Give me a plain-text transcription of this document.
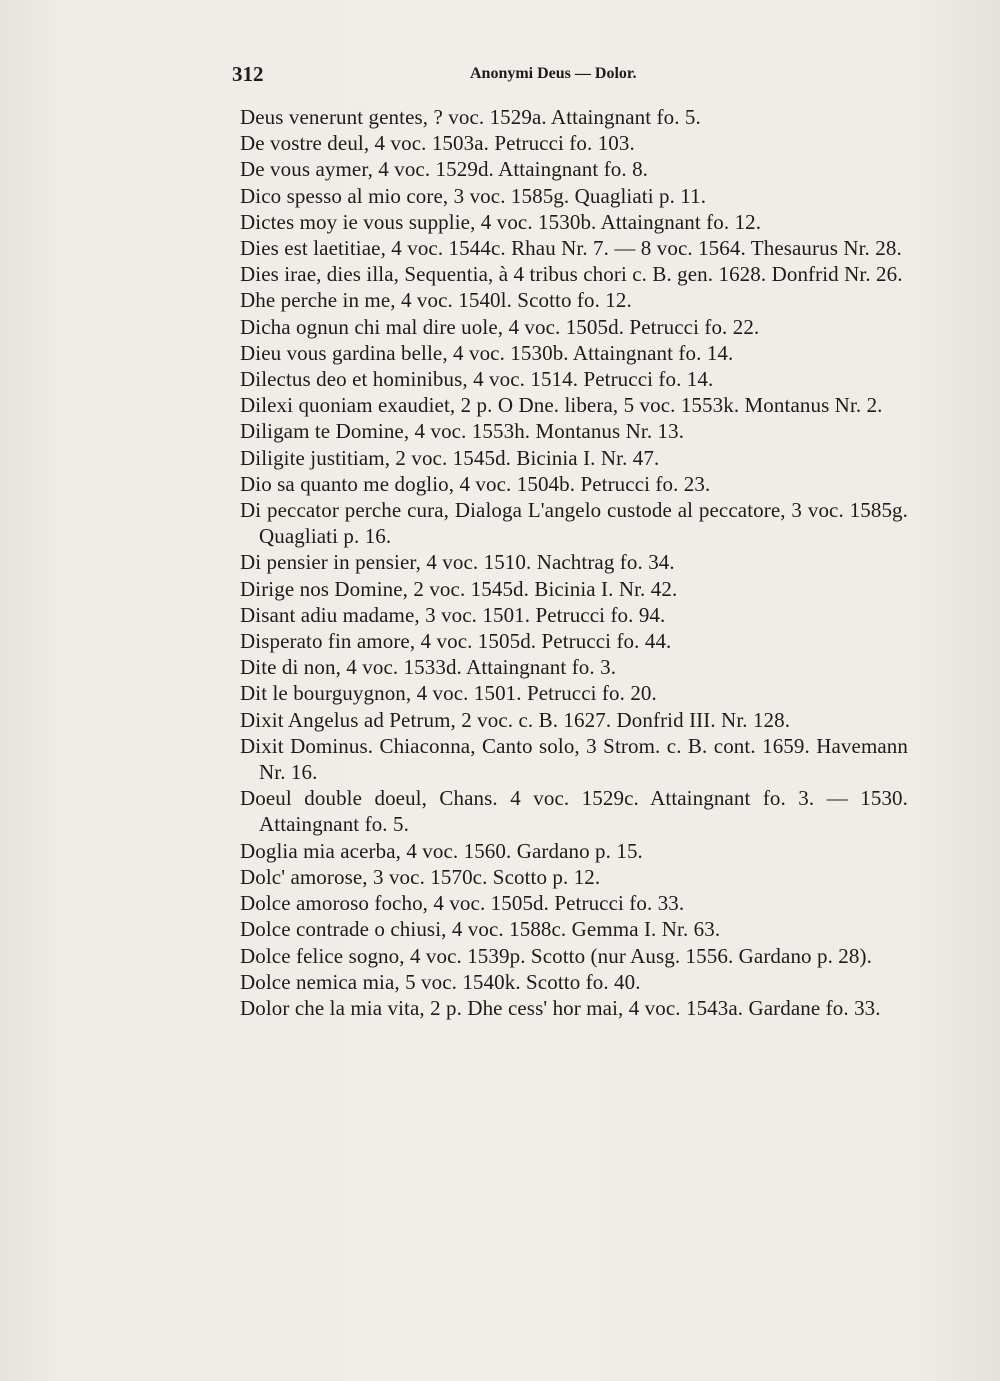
312	Anonymi Deus — Dolor.
Deus venerunt gentes, ? voc. 1529a. Attaingnant fo. 5.
De vostre deul, 4 voc. 1503a. Petrucci fo. 103.
De vous aymer, 4 voc. 1529d. Attaingnant fo. 8.
Dico spesso al mio core, 3 voc. 1585g. Quagliati p. 11.
Dictes moy ie vous supplie, 4 voc. 1530b. Attaingnant fo. 12.
Dies est laetitiae, 4 voc. 1544c. Rhau Nr. 7. — 8 voc. 1564. Thesaurus Nr. 28.
Dies irae, dies illa, Sequentia, à 4 tribus chori c. B. gen. 1628. Donfrid Nr. 26.
Dhe perche in me, 4 voc. 1540l. Scotto fo. 12.
Dicha ognun chi mal dire uole, 4 voc. 1505d. Petrucci fo. 22.
Dieu vous gardina belle, 4 voc. 1530b. Attaingnant fo. 14.
Dilectus deo et hominibus, 4 voc. 1514. Petrucci fo. 14.
Dilexi quoniam exaudiet, 2 p. O Dne. libera, 5 voc. 1553k. Montanus Nr. 2.
Diligam te Domine, 4 voc. 1553h. Montanus Nr. 13.
Diligite justitiam, 2 voc. 1545d. Bicinia I. Nr. 47.
Dio sa quanto me doglio, 4 voc. 1504b. Petrucci fo. 23.
Di peccator perche cura, Dialoga L'angelo custode al peccatore, 3 voc. 1585g. Quagliati p. 16.
Di pensier in pensier, 4 voc. 1510. Nachtrag fo. 34.
Dirige nos Domine, 2 voc. 1545d. Bicinia I. Nr. 42.
Disant adiu madame, 3 voc. 1501. Petrucci fo. 94.
Disperato fin amore, 4 voc. 1505d. Petrucci fo. 44.
Dite di non, 4 voc. 1533d. Attaingnant fo. 3.
Dit le bourguygnon, 4 voc. 1501. Petrucci fo. 20.
Dixit Angelus ad Petrum, 2 voc. c. B. 1627. Donfrid III. Nr. 128.
Dixit Dominus. Chiaconna, Canto solo, 3 Strom. c. B. cont. 1659. Havemann Nr. 16.
Doeul double doeul, Chans. 4 voc. 1529c. Attaingnant fo. 3. — 1530. Attaingnant fo. 5.
Doglia mia acerba, 4 voc. 1560. Gardano p. 15.
Dolc' amorose, 3 voc. 1570c. Scotto p. 12.
Dolce amoroso focho, 4 voc. 1505d. Petrucci fo. 33.
Dolce contrade o chiusi, 4 voc. 1588c. Gemma I. Nr. 63.
Dolce felice sogno, 4 voc. 1539p. Scotto (nur Ausg. 1556. Gardano p. 28).
Dolce nemica mia, 5 voc. 1540k. Scotto fo. 40.
Dolor che la mia vita, 2 p. Dhe cess' hor mai, 4 voc. 1543a. Gardane fo. 33.
